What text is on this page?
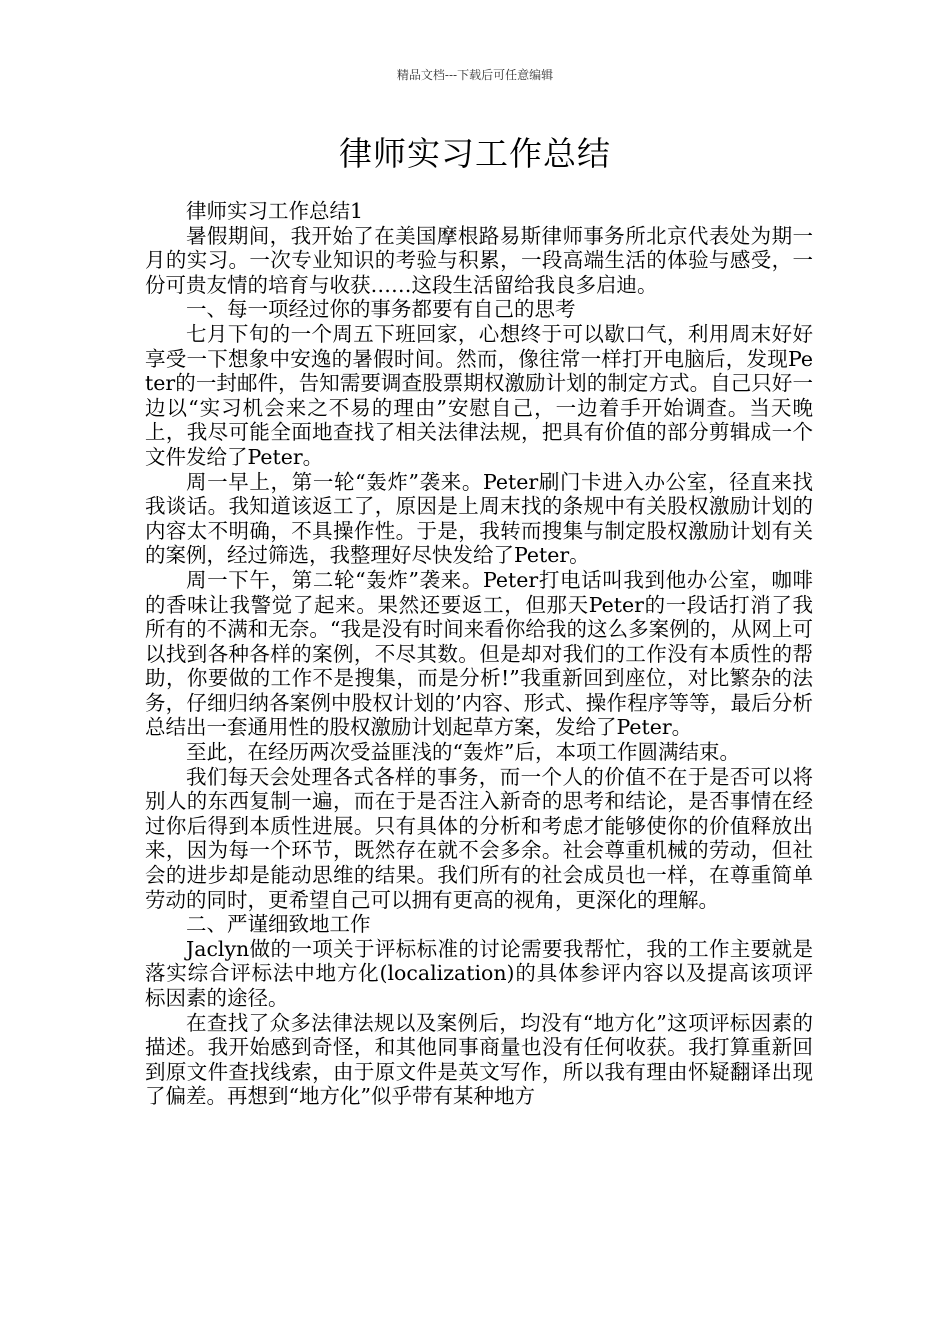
精品文档---下载后可任意编辑
律师实习工作总结

律师实习工作总结1

暑假期间，我开始了在美国摩根路易斯律师事务所北京代表处为期一月的实习。一次专业知识的考验与积累，一段高端生活的体验与感受，一份可贵友情的培育与收获……这段生活留给我良多启迪。

一、每一项经过你的事务都要有自己的思考

七月下旬的一个周五下班回家，心想终于可以歇口气，利用周末好好享受一下想象中安逸的暑假时间。然而，像往常一样打开电脑后，发现Peter的一封邮件，告知需要调查股票期权激励计划的制定方式。自己只好一边以“实习机会来之不易的理由”安慰自己，一边着手开始调查。当天晚上，我尽可能全面地查找了相关法律法规，把具有价值的部分剪辑成一个文件发给了Peter。

周一早上，第一轮“轰炸”袭来。Peter刷门卡进入办公室，径直来找我谈话。我知道该返工了，原因是上周末找的条规中有关股权激励计划的内容太不明确，不具操作性。于是，我转而搜集与制定股权激励计划有关的案例，经过筛选，我整理好尽快发给了Peter。

周一下午，第二轮“轰炸”袭来。Peter打电话叫我到他办公室，咖啡的香味让我警觉了起来。果然还要返工，但那天Peter的一段话打消了我所有的不满和无奈。“我是没有时间来看你给我的这么多案例的，从网上可以找到各种各样的案例，不尽其数。但是却对我们的工作没有本质性的帮助，你要做的工作不是搜集，而是分析!”我重新回到座位，对比繁杂的法务，仔细归纳各案例中股权计划的’内容、形式、操作程序等等，最后分析总结出一套通用性的股权激励计划起草方案，发给了Peter。

至此，在经历两次受益匪浅的“轰炸”后，本项工作圆满结束。

我们每天会处理各式各样的事务，而一个人的价值不在于是否可以将别人的东西复制一遍，而在于是否注入新奇的思考和结论，是否事情在经过你后得到本质性进展。只有具体的分析和考虑才能够使你的价值释放出来，因为每一个环节，既然存在就不会多余。社会尊重机械的劳动，但社会的进步却是能动思维的结果。我们所有的社会成员也一样，在尊重简单劳动的同时，更希望自己可以拥有更高的视角，更深化的理解。

二、严谨细致地工作

Jaclyn做的一项关于评标标准的讨论需要我帮忙，我的工作主要就是落实综合评标法中地方化(localization)的具体参评内容以及提高该项评标因素的途径。

在查找了众多法律法规以及案例后，均没有“地方化”这项评标因素的描述。我开始感到奇怪，和其他同事商量也没有任何收获。我打算重新回到原文件查找线索，由于原文件是英文写作，所以我有理由怀疑翻译出现了偏差。再想到“地方化”似乎带有某种地方
